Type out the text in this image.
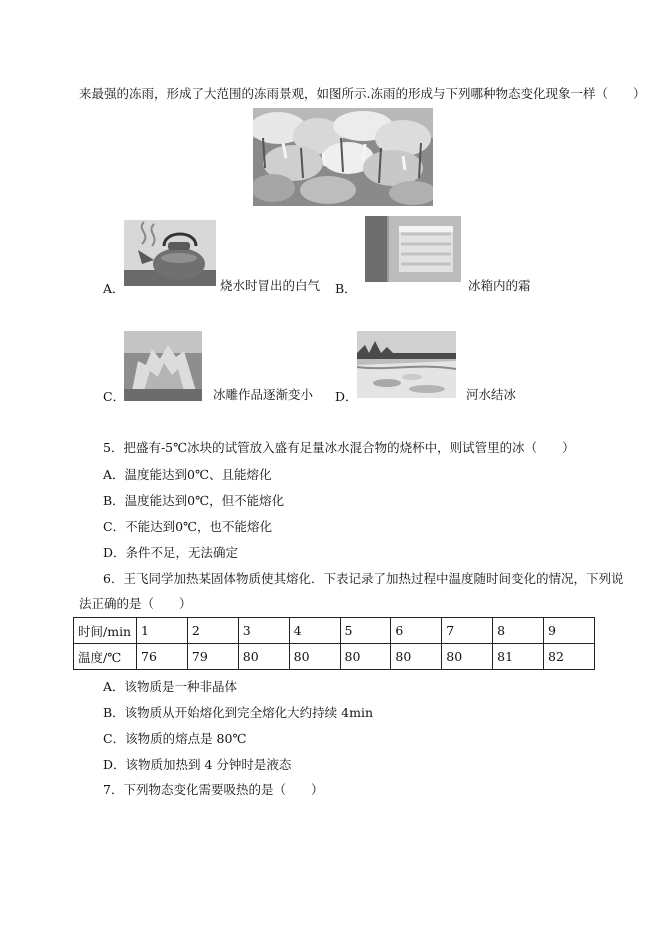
来最强的冻雨，形成了大范围的冻雨景观，如图所示.冻雨的形成与下列哪种物态变化现象一样（　　）
A．	烧水时冒出的白气 B．	冰箱内的霜
C．	冰雕作品逐渐变小 D．	河水结冰
5．把盛有-5℃冰块的试管放入盛有足量冰水混合物的烧杯中，则试管里的冰（　　）
A．温度能达到0℃、且能熔化
B．温度能达到0℃，但不能熔化
C．不能达到0℃，也不能熔化
D．条件不足，无法确定
6．王飞同学加热某固体物质使其熔化．下表记录了加热过程中温度随时间变化的情况，下列说
法正确的是（　　）
时间/min	1	2	3	4	5	6	7	8	9
温度/℃	76	79	80	80	80	80	80	81	82
A．该物质是一种非晶体
B．该物质从开始熔化到完全熔化大约持续 4min
C．该物质的熔点是 80℃
D．该物质加热到 4 分钟时是液态
7．下列物态变化需要吸热的是（　　）
